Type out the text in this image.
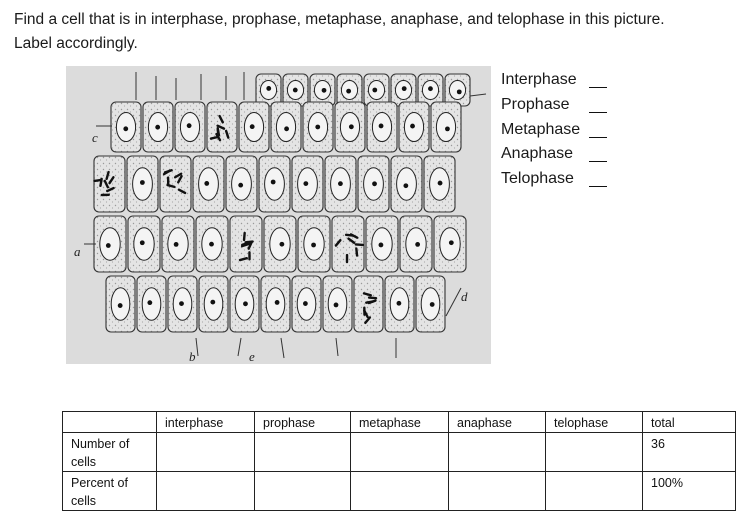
Find a cell that is in interphase, prophase, metaphase, anaphase, and telophase in this picture.
Label accordingly.
c
a
b	e
d
Interphase
Prophase
Metaphase
Anaphase
Telophase
	interphase	prophase	metaphase	anaphase	telophase	total
Number of cells						36
Percent of cells						100%
